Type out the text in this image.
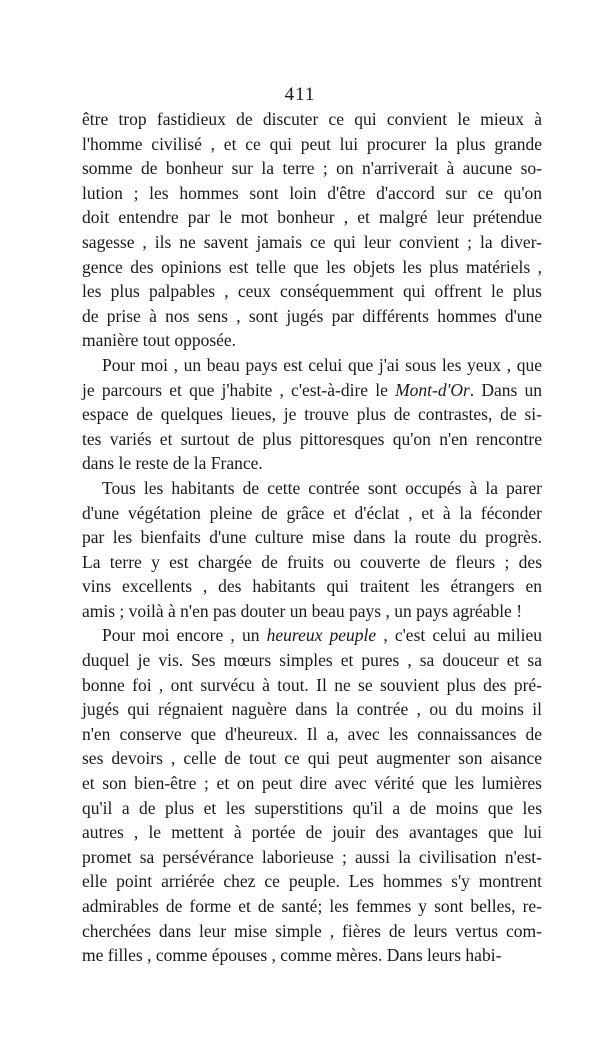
411
être trop fastidieux de discuter ce qui convient le mieux à
l'homme civilisé , et ce qui peut lui procurer la plus grande
somme de bonheur sur la terre ; on n'arriverait à aucune so-
lution ; les hommes sont loin d'être d'accord sur ce qu'on
doit entendre par le mot bonheur , et malgré leur prétendue
sagesse , ils ne savent jamais ce qui leur convient ; la diver-
gence des opinions est telle que les objets les plus matériels ,
les plus palpables , ceux conséquemment qui offrent le plus
de prise à nos sens , sont jugés par différents hommes d'une
manière tout opposée.
Pour moi , un beau pays est celui que j'ai sous les yeux , que
je parcours et que j'habite , c'est-à-dire le Mont-d'Or. Dans un
espace de quelques lieues, je trouve plus de contrastes, de si-
tes variés et surtout de plus pittoresques qu'on n'en rencontre
dans le reste de la France.
Tous les habitants de cette contrée sont occupés à la parer
d'une végétation pleine de grâce et d'éclat , et à la féconder
par les bienfaits d'une culture mise dans la route du progrès.
La terre y est chargée de fruits ou couverte de fleurs ; des
vins excellents , des habitants qui traitent les étrangers en
amis ; voilà à n'en pas douter un beau pays , un pays agréable !
Pour moi encore , un heureux peuple , c'est celui au milieu
duquel je vis. Ses mœurs simples et pures , sa douceur et sa
bonne foi , ont survécu à tout. Il ne se souvient plus des pré-
jugés qui régnaient naguère dans la contrée , ou du moins il
n'en conserve que d'heureux. Il a, avec les connaissances de
ses devoirs , celle de tout ce qui peut augmenter son aisance
et son bien-être ; et on peut dire avec vérité que les lumières
qu'il a de plus et les superstitions qu'il a de moins que les
autres , le mettent à portée de jouir des avantages que lui
promet sa persévérance laborieuse ; aussi la civilisation n'est-
elle point arriérée chez ce peuple. Les hommes s'y montrent
admirables de forme et de santé; les femmes y sont belles, re-
cherchées dans leur mise simple , fières de leurs vertus com-
me filles , comme épouses , comme mères. Dans leurs habi-
